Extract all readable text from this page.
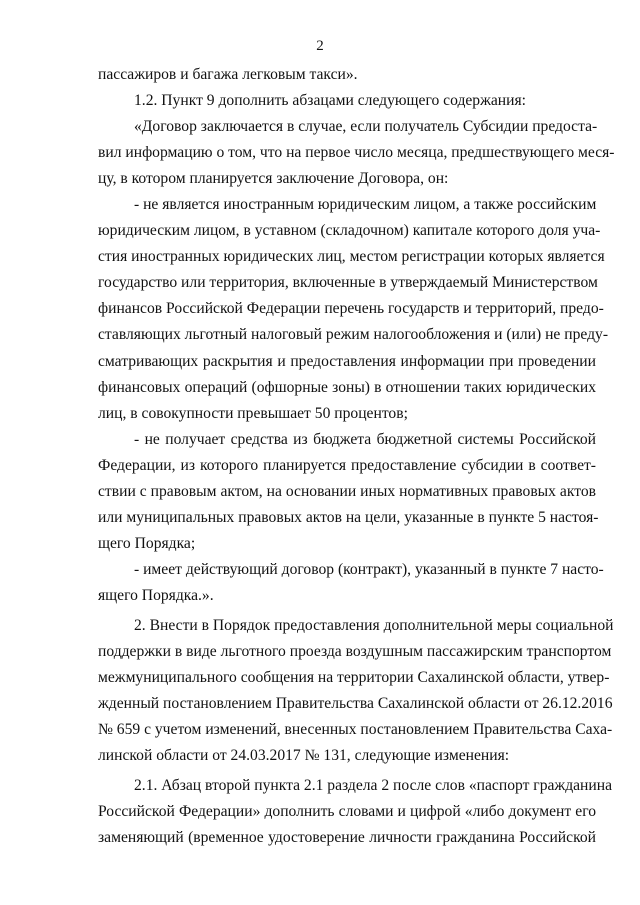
2
пассажиров и багажа легковым такси».
1.2. Пункт 9 дополнить абзацами следующего содержания:
«Договор заключается в случае, если получатель Субсидии предоста-
вил информацию о том, что на первое число месяца, предшествующего меся-
цу, в котором планируется заключение Договора, он:
- не является иностранным юридическим лицом, а также российским
юридическим лицом, в уставном (складочном) капитале которого доля уча-
стия иностранных юридических лиц, местом регистрации которых является
государство или территория, включенные в утверждаемый Министерством
финансов Российской Федерации перечень государств и территорий, предо-
ставляющих льготный налоговый режим налогообложения и (или) не преду-
сматривающих раскрытия и предоставления информации при проведении
финансовых операций (офшорные зоны) в отношении таких юридических
лиц, в совокупности превышает 50 процентов;
- не получает средства из бюджета бюджетной системы Российской
Федерации, из которого планируется предоставление субсидии в соответ-
ствии с правовым актом, на основании иных нормативных правовых актов
или муниципальных правовых актов на цели, указанные в пункте 5 настоя-
щего Порядка;
- имеет действующий договор (контракт), указанный в пункте 7 насто-
ящего Порядка.».
2. Внести в Порядок предоставления дополнительной меры социальной
поддержки в виде льготного проезда воздушным пассажирским транспортом
межмуниципального сообщения на территории Сахалинской области, утвер-
жденный постановлением Правительства Сахалинской области от 26.12.2016
№ 659 с учетом изменений, внесенных постановлением Правительства Саха-
линской области от 24.03.2017 № 131, следующие изменения:
2.1. Абзац второй пункта 2.1 раздела 2 после слов «паспорт гражданина
Российской Федерации» дополнить словами и цифрой «либо документ его
заменяющий (временное удостоверение личности гражданина Российской
